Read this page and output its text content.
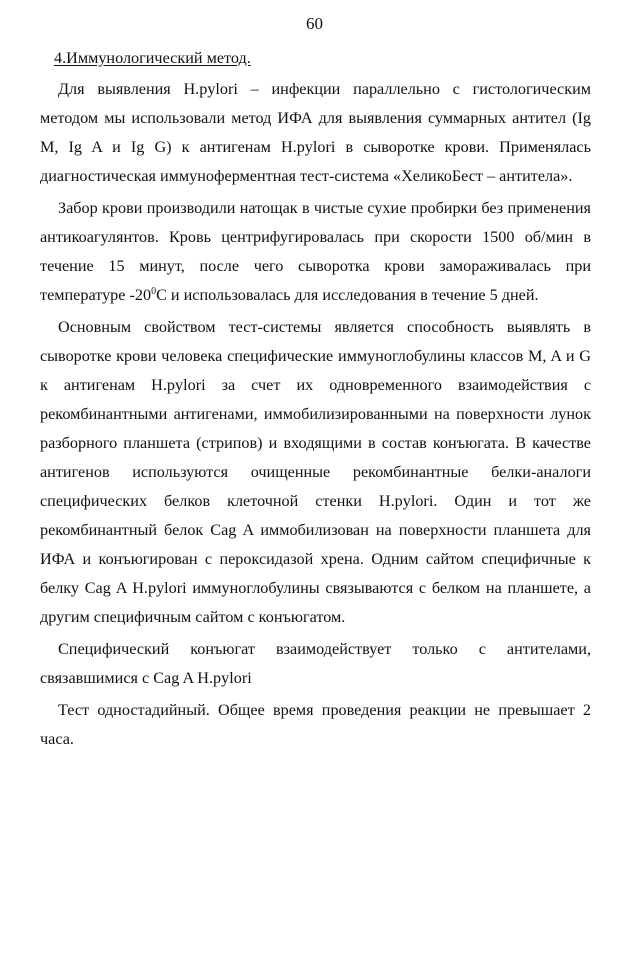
60

4.Иммунологический метод.

Для выявления H.pylori – инфекции параллельно с гистологическим методом мы использовали метод ИФА для выявления суммарных антител (Ig M, Ig A и Ig G) к антигенам H.pylori в сыворотке крови. Применялась диагностическая иммуноферментная тест-система «ХеликоБест – антитела».

Забор крови производили натощак в чистые сухие пробирки без применения антикоагулянтов. Кровь центрифугировалась при скорости 1500 об/мин в течение 15 минут, после чего сыворотка крови замораживалась при температуре $-20^0С$ и использовалась для исследования в течение 5 дней.

Основным свойством тест-системы является способность выявлять в сыворотке крови человека специфические иммуноглобулины классов M, A и G к антигенам H.pylori за счет их одновременного взаимодействия с рекомбинантными антигенами, иммобилизированными на поверхности лунок разборного планшета (стрипов) и входящими в состав конъюгата. В качестве антигенов используются очищенные рекомбинантные белки-аналоги специфических белков клеточной стенки H.pylori. Один и тот же рекомбинантный белок Cag A иммобилизован на поверхности планшета для ИФА и конъюгирован с пероксидазой хрена. Одним сайтом специфичные к белку Cag A H.pylori иммуноглобулины связываются с белком на планшете, а другим специфичным сайтом с конъюгатом.

Специфический конъюгат взаимодействует только с антителами, связавшимися с Cag A H.pylori

Тест одностадийный. Общее время проведения реакции не превышает 2 часа.
